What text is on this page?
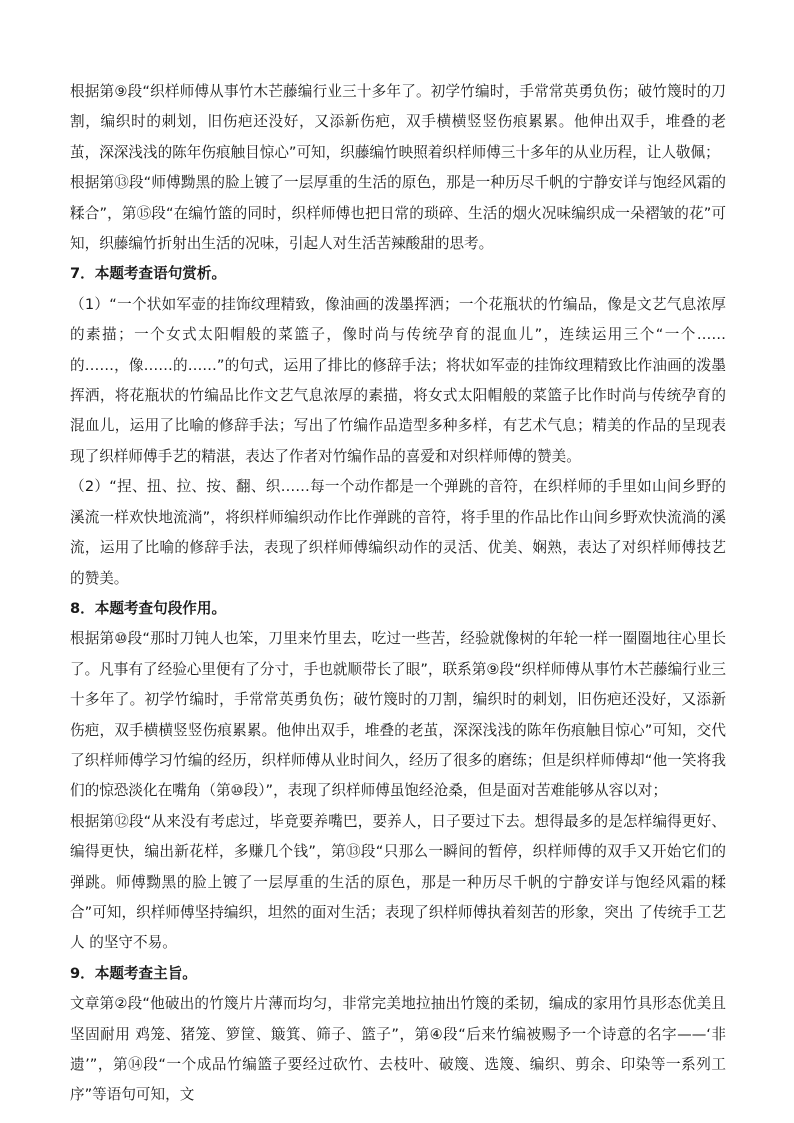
根据第⑨段“织样师傅从事竹木芒藤编行业三十多年了。初学竹编时，手常常英勇负伤；破竹篾时的刀割，编织时的刺划，旧伤疤还没好，又添新伤疤，双手横横竖竖伤痕累累。他伸出双手，堆叠的老茧，深深浅浅的陈年伤痕触目惊心”可知，织藤编竹映照着织样师傅三十多年的从业历程，让人敬佩；

根据第⑬段“师傅黝黑的脸上镀了一层厚重的生活的原色，那是一种历尽千帆的宁静安详与饱经风霜的糅合”，第⑮段“在编竹篮的同时，织样师傅也把日常的琐碎、生活的烟火况味编织成一朵褶皱的花”可知，织藤编竹折射出生活的况味，引起人对生活苦辣酸甜的思考。

7．本题考查语句赏析。

（1）“一个状如军壶的挂饰纹理精致，像油画的泼墨挥洒；一个花瓶状的竹编品，像是文艺气息浓厚的素描；一个女式太阳帽般的菜篮子，像时尚与传统孕育的混血儿”，连续运用三个“一个……的……，像……的……”的句式，运用了排比的修辞手法；将状如军壶的挂饰纹理精致比作油画的泼墨挥洒，将花瓶状的竹编品比作文艺气息浓厚的素描，将女式太阳帽般的菜篮子比作时尚与传统孕育的混血儿，运用了比喻的修辞手法；写出了竹编作品造型多种多样，有艺术气息；精美的作品的呈现表现了织样师傅手艺的精湛，表达了作者对竹编作品的喜爱和对织样师傅的赞美。

（2）“捏、扭、拉、按、翻、织……每一个动作都是一个弹跳的音符，在织样师的手里如山间乡野的溪流一样欢快地流淌”，将织样师编织动作比作弹跳的音符，将手里的作品比作山间乡野欢快流淌的溪流，运用了比喻的修辞手法，表现了织样师傅编织动作的灵活、优美、娴熟，表达了对织样师傅技艺的赞美。

8．本题考查句段作用。

根据第⑩段“那时刀钝人也笨，刀里来竹里去，吃过一些苦，经验就像树的年轮一样一圈圈地往心里长了。凡事有了经验心里便有了分寸，手也就顺带长了眼”，联系第⑨段“织样师傅从事竹木芒藤编行业三十多年了。初学竹编时，手常常英勇负伤；破竹篾时的刀割，编织时的刺划，旧伤疤还没好，又添新伤疤，双手横横竖竖伤痕累累。他伸出双手，堆叠的老茧，深深浅浅的陈年伤痕触目惊心”可知，交代了织样师傅学习竹编的经历，织样师傅从业时间久，经历了很多的磨练；但是织样师傅却“他一笑将我们的惊恐淡化在嘴角（第⑩段）”，表现了织样师傅虽饱经沧桑，但是面对苦难能够从容以对；

根据第⑫段“从来没有考虑过，毕竟要养嘴巴，要养人，日子要过下去。想得最多的是怎样编得更好、编得更快，编出新花样，多赚几个钱”，第⑬段“只那么一瞬间的暂停，织样师傅的双手又开始它们的弹跳。师傅黝黑的脸上镀了一层厚重的生活的原色，那是一种历尽千帆的宁静安详与饱经风霜的糅合”可知，织样师傅坚持编织，坦然的面对生活；表现了织样师傅执着刻苦的形象，突出 了传统手工艺人 的坚守不易。

9．本题考查主旨。

文章第②段“他破出的竹篾片片薄而均匀，非常完美地拉抽出竹篾的柔韧，编成的家用竹具形态优美且坚固耐用 鸡笼、猪笼、箩筐、簸箕、筛子、篮子”，第④段“后来竹编被赐予一个诗意的名字——‘非遗’”，第⑭段“一个成品竹编篮子要经过砍竹、去枝叶、破篾、选篾、编织、剪余、印染等一系列工序”等语句可知，文
